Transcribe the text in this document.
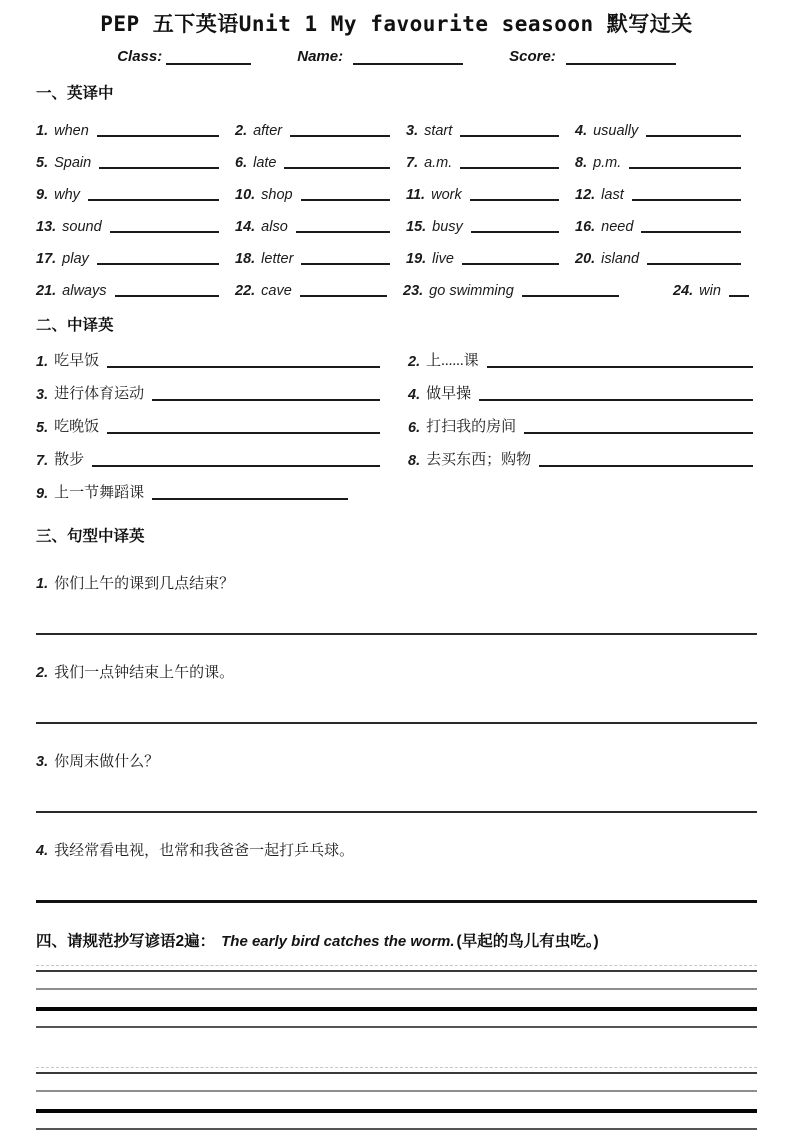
PEP 五下英语Unit 1 My favourite seasoon 默写过关
Class:	Name:	Score:
一、英译中
1. when	2. after	3. start	4. usually
5. Spain	6. late	7. a.m.	8. p.m.
9. why	10. shop	11. work	12. last
13. sound	14. also	15. busy	16. need
17. play	18. letter	19. live	20. island
21. always	22. cave	23. go swimming	24. win
二、中译英
1. 吃早饭	2. 上......课
3. 进行体育运动	4. 做早操
5. 吃晚饭	6. 打扫我的房间
7. 散步	8. 去买东西；购物
9. 上一节舞蹈课
三、句型中译英
1. 你们上午的课到几点结束？
2. 我们一点钟结束上午的课。
3. 你周末做什么？
4. 我经常看电视，也常和我爸爸一起打乒乓球。
四、请规范抄写谚语2遍： The early bird catches the worm. (早起的鸟儿有虫吃。)
